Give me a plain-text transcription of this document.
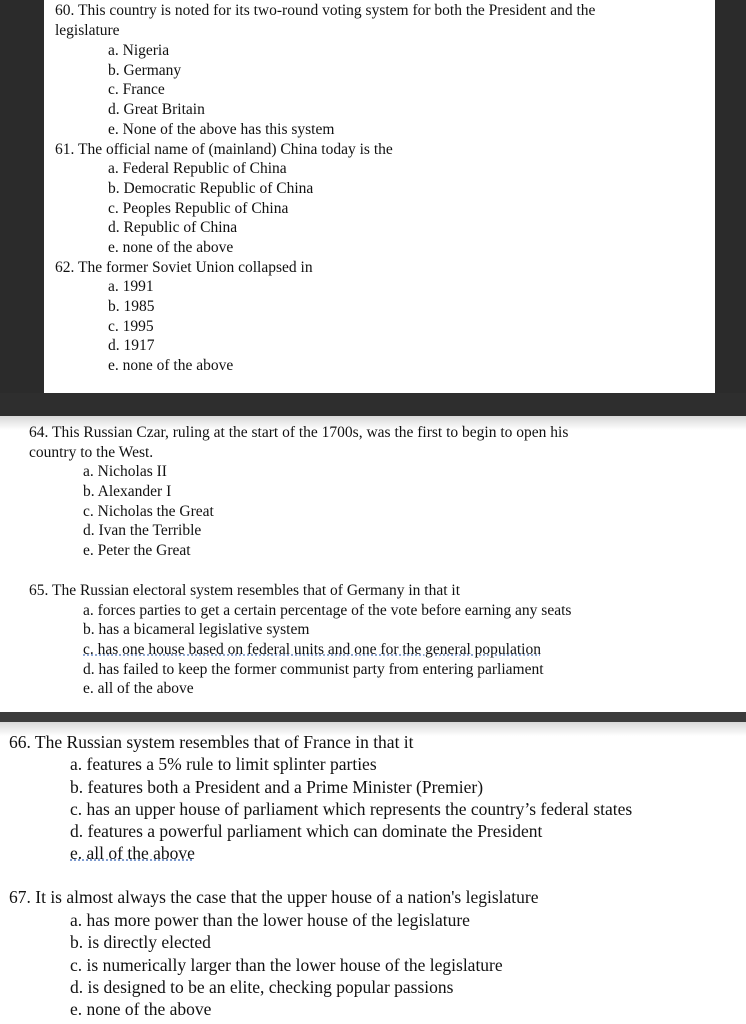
60. This country is noted for its two-round voting system for both the President and the
legislature
a. Nigeria
b. Germany
c. France
d. Great Britain
e. None of the above has this system
61. The official name of (mainland) China today is the
a. Federal Republic of China
b. Democratic Republic of China
c. Peoples Republic of China
d. Republic of China
e. none of the above
62. The former Soviet Union collapsed in
a. 1991
b. 1985
c. 1995
d. 1917
e. none of the above
64. This Russian Czar, ruling at the start of the 1700s, was the first to begin to open his
country to the West.
a. Nicholas II
b. Alexander I
c. Nicholas the Great
d. Ivan the Terrible
e. Peter the Great
65. The Russian electoral system resembles that of Germany in that it
a. forces parties to get a certain percentage of the vote before earning any seats
b. has a bicameral legislative system
c. has one house based on federal units and one for the general population
d. has failed to keep the former communist party from entering parliament
e. all of the above
66. The Russian system resembles that of France in that it
a. features a 5% rule to limit splinter parties
b. features both a President and a Prime Minister (Premier)
c. has an upper house of parliament which represents the country’s federal states
d. features a powerful parliament which can dominate the President
e. all of the above
67. It is almost always the case that the upper house of a nation's legislature
a. has more power than the lower house of the legislature
b. is directly elected
c. is numerically larger than the lower house of the legislature
d. is designed to be an elite, checking popular passions
e. none of the above
